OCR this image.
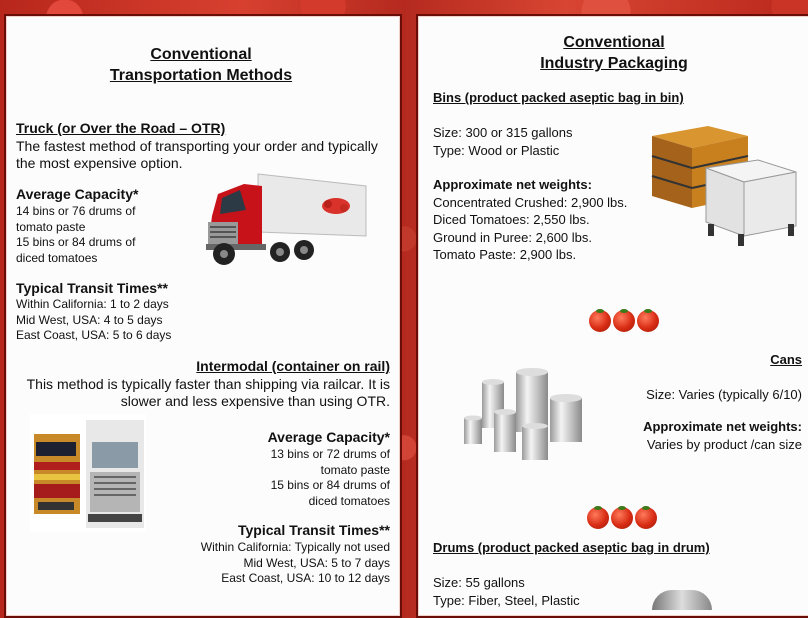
Conventional
Transportation Methods
Truck (or Over the Road – OTR)
The fastest method of transporting your order and typically
the most expensive option.
Average Capacity*
14 bins or 76 drums of
tomato paste
15 bins or 84 drums of
diced tomatoes
Typical Transit Times**
Within California: 1 to 2 days
Mid West, USA: 4 to 5 days
East Coast, USA: 5 to 6 days
Intermodal (container on rail)
This method is typically faster than shipping via railcar. It is
slower and less expensive than using OTR.
Average Capacity*
13 bins or 72 drums of
tomato paste
15 bins or 84 drums of
diced tomatoes
Typical Transit Times**
Within California: Typically not used
Mid West, USA: 5 to 7 days
East Coast, USA: 10 to 12 days
Conventional
Industry Packaging
Bins (product packed aseptic bag in bin)
Size: 300 or 315 gallons
Type: Wood or Plastic
Approximate net weights:
Concentrated Crushed: 2,900 lbs.
Diced Tomatoes: 2,550 lbs.
Ground in Puree: 2,600 lbs.
Tomato Paste: 2,900 lbs.
Cans
Size: Varies (typically 6/10)
Approximate net weights:
Varies by product /can size
Drums (product packed aseptic bag in drum)
Size: 55 gallons
Type: Fiber, Steel, Plastic
